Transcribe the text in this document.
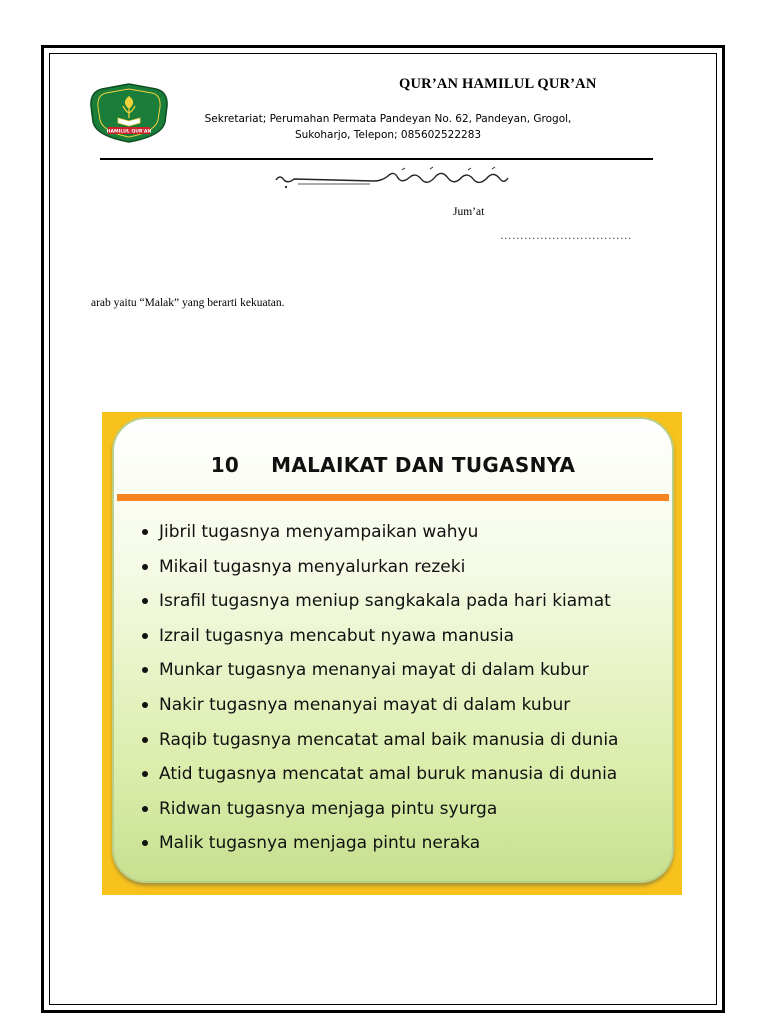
HAMILUL QUR'AN
QUR’AN HAMILUL QUR’AN
Sekretariat; Perumahan Permata Pandeyan No. 62, Pandeyan, Grogol,
Sukoharjo, Telepon; 085602522283
Jum’at
……………………………
arab yaitu “Malak” yang berarti kekuatan.
10 MALAIKAT DAN TUGASNYA
Jibril tugasnya menyampaikan wahyu
Mikail tugasnya menyalurkan rezeki
Israfil tugasnya meniup sangkakala pada hari kiamat
Izrail tugasnya mencabut nyawa manusia
Munkar tugasnya menanyai mayat di dalam kubur
Nakir tugasnya menanyai mayat di dalam kubur
Raqib tugasnya mencatat amal baik manusia di dunia
Atid tugasnya mencatat amal buruk manusia di dunia
Ridwan tugasnya menjaga pintu syurga
Malik tugasnya menjaga pintu neraka
